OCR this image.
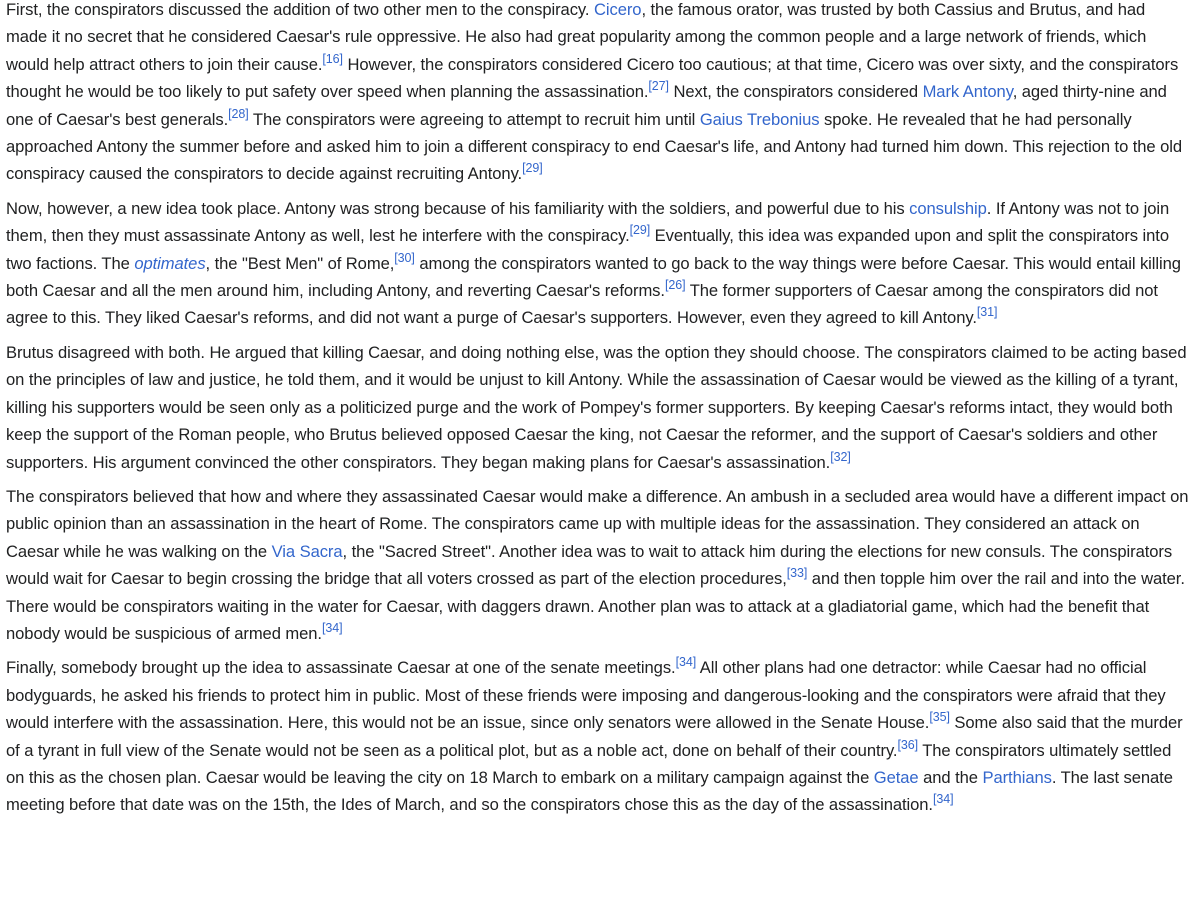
First, the conspirators discussed the addition of two other men to the conspiracy. Cicero, the famous orator, was trusted by both Cassius and Brutus, and had made it no secret that he considered Caesar's rule oppressive. He also had great popularity among the common people and a large network of friends, which would help attract others to join their cause.[16] However, the conspirators considered Cicero too cautious; at that time, Cicero was over sixty, and the conspirators thought he would be too likely to put safety over speed when planning the assassination.[27] Next, the conspirators considered Mark Antony, aged thirty-nine and one of Caesar's best generals.[28] The conspirators were agreeing to attempt to recruit him until Gaius Trebonius spoke. He revealed that he had personally approached Antony the summer before and asked him to join a different conspiracy to end Caesar's life, and Antony had turned him down. This rejection to the old conspiracy caused the conspirators to decide against recruiting Antony.[29]

Now, however, a new idea took place. Antony was strong because of his familiarity with the soldiers, and powerful due to his consulship. If Antony was not to join them, then they must assassinate Antony as well, lest he interfere with the conspiracy.[29] Eventually, this idea was expanded upon and split the conspirators into two factions. The optimates, the "Best Men" of Rome,[30] among the conspirators wanted to go back to the way things were before Caesar. This would entail killing both Caesar and all the men around him, including Antony, and reverting Caesar's reforms.[26] The former supporters of Caesar among the conspirators did not agree to this. They liked Caesar's reforms, and did not want a purge of Caesar's supporters. However, even they agreed to kill Antony.[31]

Brutus disagreed with both. He argued that killing Caesar, and doing nothing else, was the option they should choose. The conspirators claimed to be acting based on the principles of law and justice, he told them, and it would be unjust to kill Antony. While the assassination of Caesar would be viewed as the killing of a tyrant, killing his supporters would be seen only as a politicized purge and the work of Pompey's former supporters. By keeping Caesar's reforms intact, they would both keep the support of the Roman people, who Brutus believed opposed Caesar the king, not Caesar the reformer, and the support of Caesar's soldiers and other supporters. His argument convinced the other conspirators. They began making plans for Caesar's assassination.[32]

The conspirators believed that how and where they assassinated Caesar would make a difference. An ambush in a secluded area would have a different impact on public opinion than an assassination in the heart of Rome. The conspirators came up with multiple ideas for the assassination. They considered an attack on Caesar while he was walking on the Via Sacra, the "Sacred Street". Another idea was to wait to attack him during the elections for new consuls. The conspirators would wait for Caesar to begin crossing the bridge that all voters crossed as part of the election procedures,[33] and then topple him over the rail and into the water. There would be conspirators waiting in the water for Caesar, with daggers drawn. Another plan was to attack at a gladiatorial game, which had the benefit that nobody would be suspicious of armed men.[34]

Finally, somebody brought up the idea to assassinate Caesar at one of the senate meetings.[34] All other plans had one detractor: while Caesar had no official bodyguards, he asked his friends to protect him in public. Most of these friends were imposing and dangerous-looking and the conspirators were afraid that they would interfere with the assassination. Here, this would not be an issue, since only senators were allowed in the Senate House.[35] Some also said that the murder of a tyrant in full view of the Senate would not be seen as a political plot, but as a noble act, done on behalf of their country.[36] The conspirators ultimately settled on this as the chosen plan. Caesar would be leaving the city on 18 March to embark on a military campaign against the Getae and the Parthians. The last senate meeting before that date was on the 15th, the Ides of March, and so the conspirators chose this as the day of the assassination.[34]
